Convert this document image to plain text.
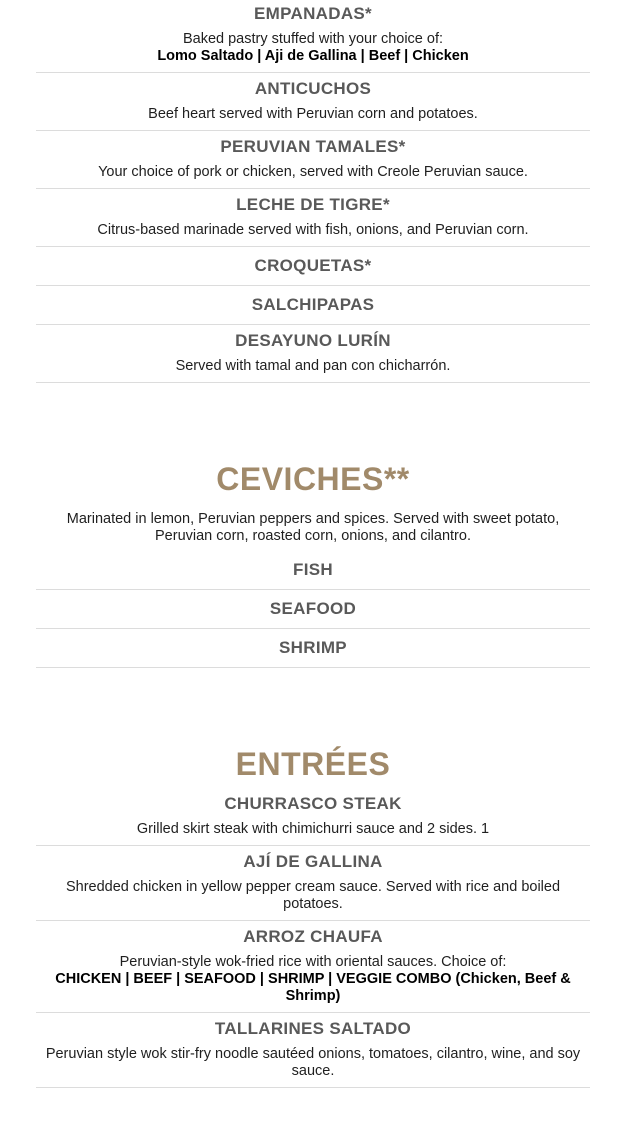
EMPANADAS*
Baked pastry stuffed with your choice of:
Lomo Saltado | Aji de Gallina | Beef | Chicken
ANTICUCHOS
Beef heart served with Peruvian corn and potatoes.
PERUVIAN TAMALES*
Your choice of pork or chicken, served with Creole Peruvian sauce.
LECHE DE TIGRE*
Citrus-based marinade served with fish, onions, and Peruvian corn.
CROQUETAS*
SALCHIPAPAS
DESAYUNO LURÍN
Served with tamal and pan con chicharrón.
CEVICHES**
Marinated in lemon, Peruvian peppers and spices. Served with sweet potato, Peruvian corn, roasted corn, onions, and cilantro.
FISH
SEAFOOD
SHRIMP
ENTRÉES
CHURRASCO STEAK
Grilled skirt steak with chimichurri sauce and 2 sides. 1
AJÍ DE GALLINA
Shredded chicken in yellow pepper cream sauce. Served with rice and boiled potatoes.
ARROZ CHAUFA
Peruvian-style wok-fried rice with oriental sauces. Choice of:
CHICKEN | BEEF | SEAFOOD | SHRIMP | VEGGIE COMBO (Chicken, Beef & Shrimp)
TALLARINES SALTADO
Peruvian style wok stir-fry noodle sautéed onions, tomatoes, cilantro, wine, and soy sauce.
